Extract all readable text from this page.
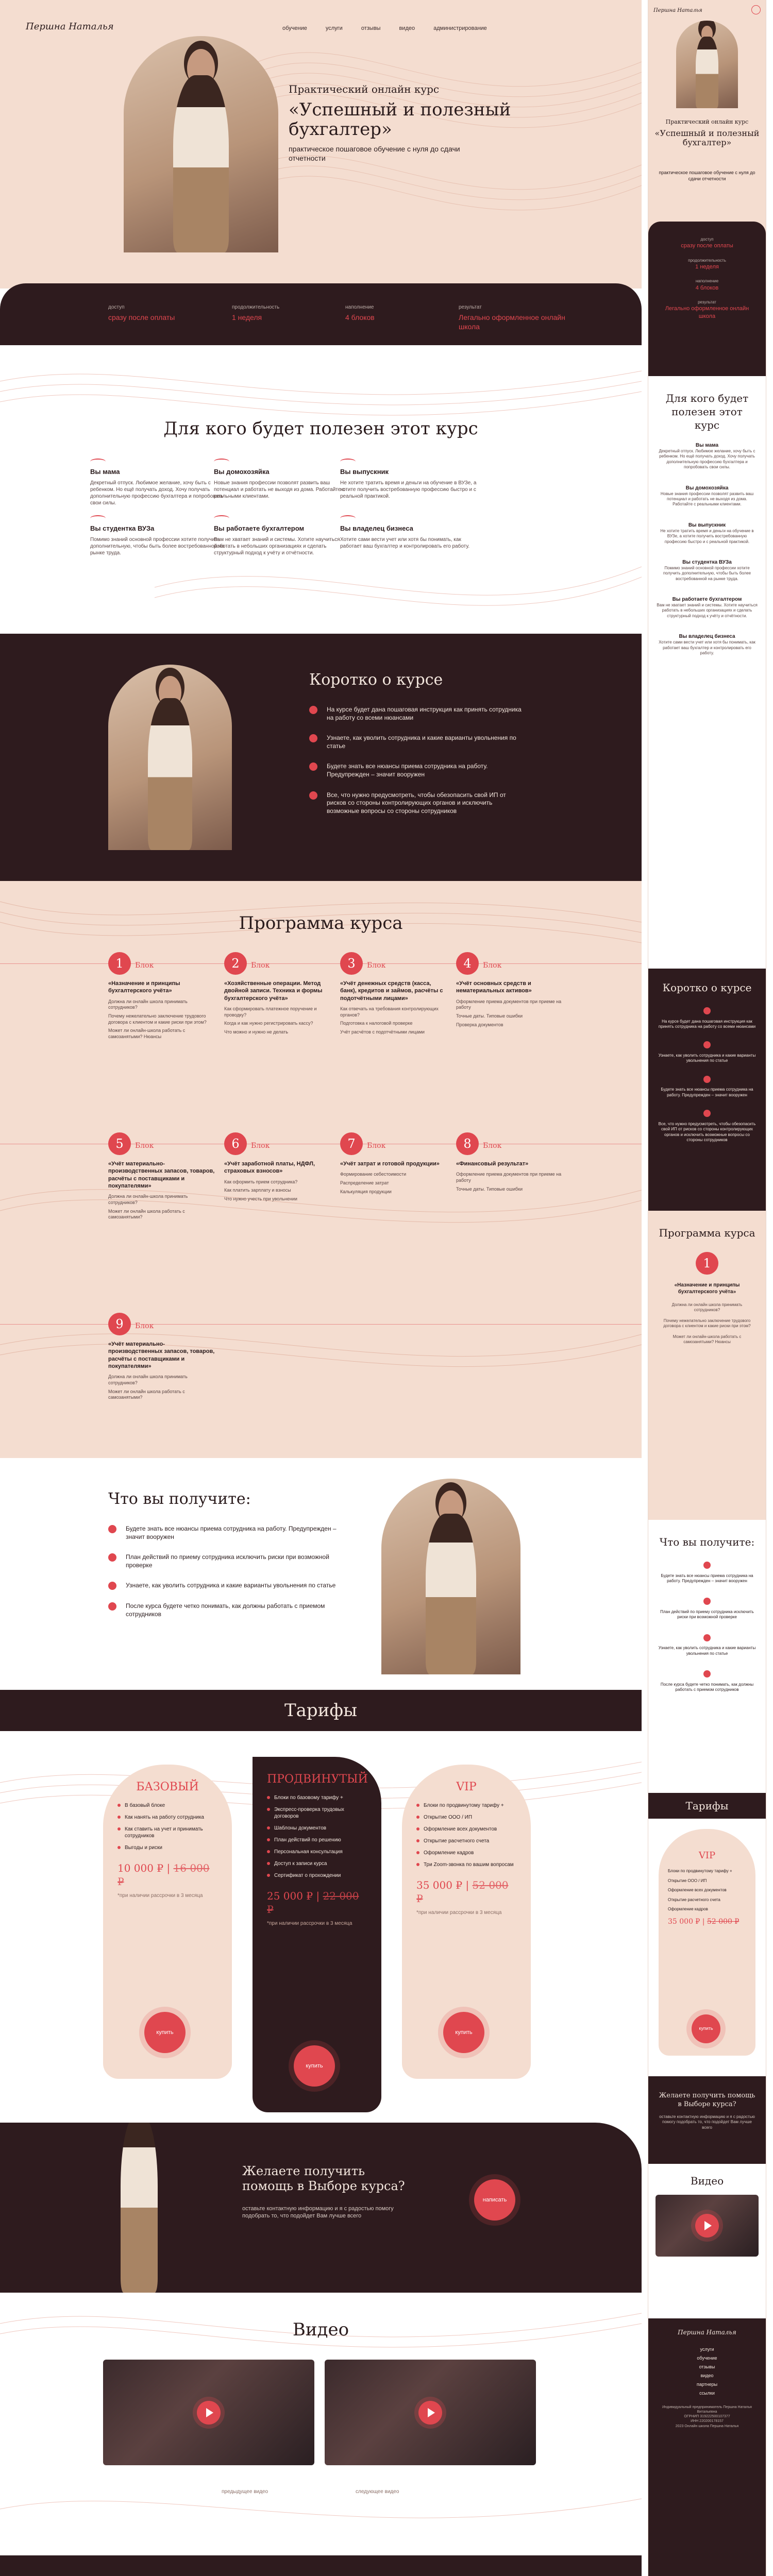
Першна Наталья	обучение	услуги	отзывы	видео	администрирование
Практический онлайн курс
«Успешный и полезный бухгалтер»
практическое пошаговое обучение с нуля до сдачи отчетности
доступ
сразу после оплаты
продолжительность
1 неделя
наполнение
4 блоков
результат
Легально оформленное онлайн школа
Для кого будет полезен этот курс
Вы мама

Декретный отпуск. Любимое желание, хочу быть с ребенком. Но ещё получать доход. Хочу получать дополнительную профессию бухгалтера и попробовать свои силы.

Вы домохозяйка

Новые знания профессии позволят развить ваш потенциал и работать не выходя из дома. Работайте с реальными клиентами.

Вы выпускник

Не хотите тратить время и деньги на обучение в ВУЗе, а хотите получить востребованную профессию быстро и с реальной практикой.

Вы студентка ВУЗа

Помимо знаний основной профессии хотите получить дополнительную, чтобы быть более востребованной на рынке труда.

Вы работаете бухгалтером

Вам не хватает знаний и системы. Хотите научиться работать в небольших организациях и сделать структурный подход к учёту и отчётности.

Вы владелец бизнеса

Хотите сами вести учет или хотя бы понимать, как работает ваш бухгалтер и контролировать его работу.

Коротко о курсе
На курсе будет дана пошаговая инструкция как принять сотрудника на работу со всеми нюансами
Узнаете, как уволить сотрудника и какие варианты увольнения по статье
Будете знать все нюансы приема сотрудника на работу. Предупрежден – значит вооружен
Все, что нужно предусмотреть, чтобы обезопасить свой ИП от рисков со стороны контролирующих органов и исключить возможные вопросы со стороны сотрудников
Программа курса
1 Блок
«Назначение и принципы бухгалтерского учёта»
Должна ли онлайн школа принимать сотрудников?
Почему нежелательно заключение трудового договора с клиентом и какие риски при этом?
Может ли онлайн-школа работать с самозанятыми? Нюансы
2 Блок
«Хозяйственные операции. Метод двойной записи. Техника и формы бухгалтерского учёта»
Как сформировать платежное поручение и проводку?
Когда и как нужно регистрировать кассу?
Что можно и нужно не делать
3 Блок
«Учёт денежных средств (касса, банк), кредитов и займов, расчёты с подотчётными лицами»
Как отвечать на требования контролирующих органов?
Подготовка к налоговой проверке
Учёт расчётов с подотчётными лицами
4 Блок
«Учёт основных средств и нематериальных активов»
Оформление приема документов при приеме на работу
Точные даты. Типовые ошибки
Проверка документов
5 Блок
«Учёт материально-производственных запасов, товаров, расчёты с поставщиками и покупателями»
Должна ли онлайн-школа принимать сотрудников?
Может ли онлайн школа работать с самозанятыми?
6 Блок
«Учёт заработной платы, НДФЛ, страховых взносов»
Как оформить прием сотрудника?
Как платить зарплату и взносы
Что нужно учесть при увольнении
7 Блок
«Учёт затрат и готовой продукции»
Формирование себестоимости
Распределение затрат
Калькуляция продукции
8 Блок
«Финансовый результат»
Оформление приема документов при приеме на работу
Точные даты. Типовые ошибки
9 Блок
«Учёт материально-производственных запасов, товаров, расчёты с поставщиками и покупателями»
Должна ли онлайн школа принимать сотрудников?
Может ли онлайн школа работать с самозанятыми?
Что вы получите:
Будете знать все нюансы приема сотрудника на работу. Предупрежден – значит вооружен
План действий по приему сотрудника исключить риски при возможной проверке
Узнаете, как уволить сотрудника и какие варианты увольнения по статье
После курса будете четко понимать, как должны работать с приемом сотрудников
Тарифы
БАЗОВЫЙ
В базовый блоке
Как нанять на работу сотрудника
Как ставить на учет и принимать сотрудников
Выгоды и риски
10 000 ₽ | 16 000 ₽
*при наличии рассрочки в 3 месяца
купить
ПРОДВИНУТЫЙ
Блоки по базовому тарифу +
Экспресс-проверка трудовых договоров
Шаблоны документов
План действий по решению
Персональная консультация
Доступ к записи курса
Сертификат о прохождении
25 000 ₽ | 22 000 ₽
*при наличии рассрочки в 3 месяца
купить
VIP
Блоки по продвинутому тарифу +
Открытие ООО / ИП
Оформление всех документов
Открытие расчетного счета
Оформление кадров
Три Zoom-звонка по вашим вопросам
35 000 ₽ | 52 000 ₽
*при наличии рассрочки в 3 месяца
купить
Желаете получить помощь в Выборе курса?
оставьте контактную информацию и я с радостью помогу подобрать то, что подойдет Вам лучше всего
написать
Видео
предыдущее видео	следующее видео
Першна Наталья
Практический онлайн курс
«Успешный и полезный бухгалтер»
практическое пошаговое обучение с нуля до сдачи отчетности
доступ
сразу после оплаты
продолжительность
1 неделя
наполнение
4 блоков
результат
Легально оформленное онлайн школа
Для кого будет полезен этот курс
Вы мама
Декретный отпуск. Любимое желание, хочу быть с ребенком. Но ещё получать доход. Хочу получать дополнительную профессию бухгалтера и попробовать свои силы.
Вы домохозяйка
Новые знания профессии позволят развить ваш потенциал и работать не выходя из дома. Работайте с реальными клиентами.
Вы выпускник
Не хотите тратить время и деньги на обучение в ВУЗе, а хотите получить востребованную профессию быстро и с реальной практикой.
Вы студентка ВУЗа
Помимо знаний основной профессии хотите получить дополнительную, чтобы быть более востребованной на рынке труда.
Вы работаете бухгалтером
Вам не хватает знаний и системы. Хотите научиться работать в небольших организациях и сделать структурный подход к учёту и отчётности.
Вы владелец бизнеса
Хотите сами вести учет или хотя бы понимать, как работает ваш бухгалтер и контролировать его работу.
Коротко о курсе
На курсе будет дана пошаговая инструкция как принять сотрудника на работу со всеми нюансами
Узнаете, как уволить сотрудника и какие варианты увольнения по статье
Будете знать все нюансы приема сотрудника на работу. Предупрежден – значит вооружен
Все, что нужно предусмотреть, чтобы обезопасить свой ИП от рисков со стороны контролирующих органов и исключить возможные вопросы со стороны сотрудников
Программа курса
1
«Назначение и принципы бухгалтерского учёта»
Должна ли онлайн школа принимать сотрудников?
Почему нежелательно заключение трудового договора с клиентом и какие риски при этом?
Может ли онлайн-школа работать с самозанятыми? Нюансы
Что вы получите:
Будете знать все нюансы приема сотрудника на работу. Предупрежден – значит вооружен
План действий по приему сотрудника исключить риски при возможной проверке
Узнаете, как уволить сотрудника и какие варианты увольнения по статье
После курса будете четко понимать, как должны работать с приемом сотрудников
Тарифы
VIP
Блоки по продвинутому тарифу +
Открытие ООО / ИП
Оформление всех документов
Открытие расчетного счета
Оформление кадров
35 000 ₽ | 52 000 ₽
купить
Желаете получить помощь в Выборе курса?
оставьте контактную информацию и я с радостью помогу подобрать то, что подойдет Вам лучше всего
Видео
Першна Наталья
услуги
обучение
отзывы
видео
партнеры
ссылки
Индивидуальный предприниматель Першна Наталья Витальевна
ОГРНИП 319222500107377
ИНН 220200178157
2023 Онлайн школа Першна Наталья
